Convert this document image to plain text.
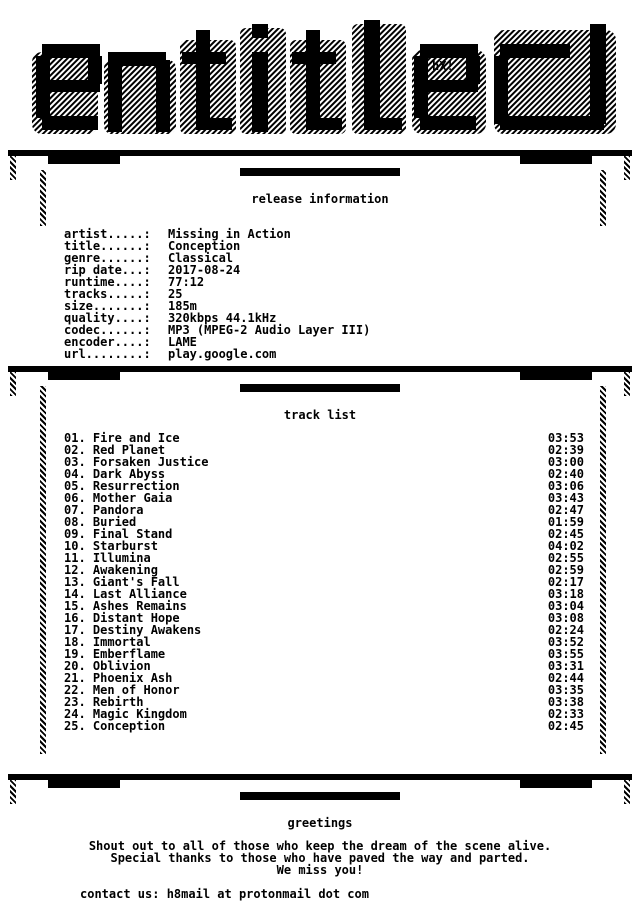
hX!
release information
artist.....: Missing in Action
title......: Conception
genre......: Classical
rip date...: 2017-08-24
runtime....: 77:12
tracks.....: 25
size.......: 185m
quality....: 320kbps 44.1kHz
codec......: MP3 (MPEG-2 Audio Layer III)
encoder....: LAME
url........: play.google.com
track list
01. Fire and Ice	03:53
02. Red Planet	02:39
03. Forsaken Justice	03:00
04. Dark Abyss	02:40
05. Resurrection	03:06
06. Mother Gaia	03:43
07. Pandora	02:47
08. Buried	01:59
09. Final Stand	02:45
10. Starburst	04:02
11. Illumina	02:55
12. Awakening	02:59
13. Giant's Fall	02:17
14. Last Alliance	03:18
15. Ashes Remains	03:04
16. Distant Hope	03:08
17. Destiny Awakens	02:24
18. Immortal	03:52
19. Emberflame	03:55
20. Oblivion	03:31
21. Phoenix Ash	02:44
22. Men of Honor	03:35
23. Rebirth	03:38
24. Magic Kingdom	02:33
25. Conception	02:45
greetings
Shout out to all of those who keep the dream of the scene alive.
Special thanks to those who have paved the way and parted.
We miss you!
contact us: h8mail at protonmail dot com
